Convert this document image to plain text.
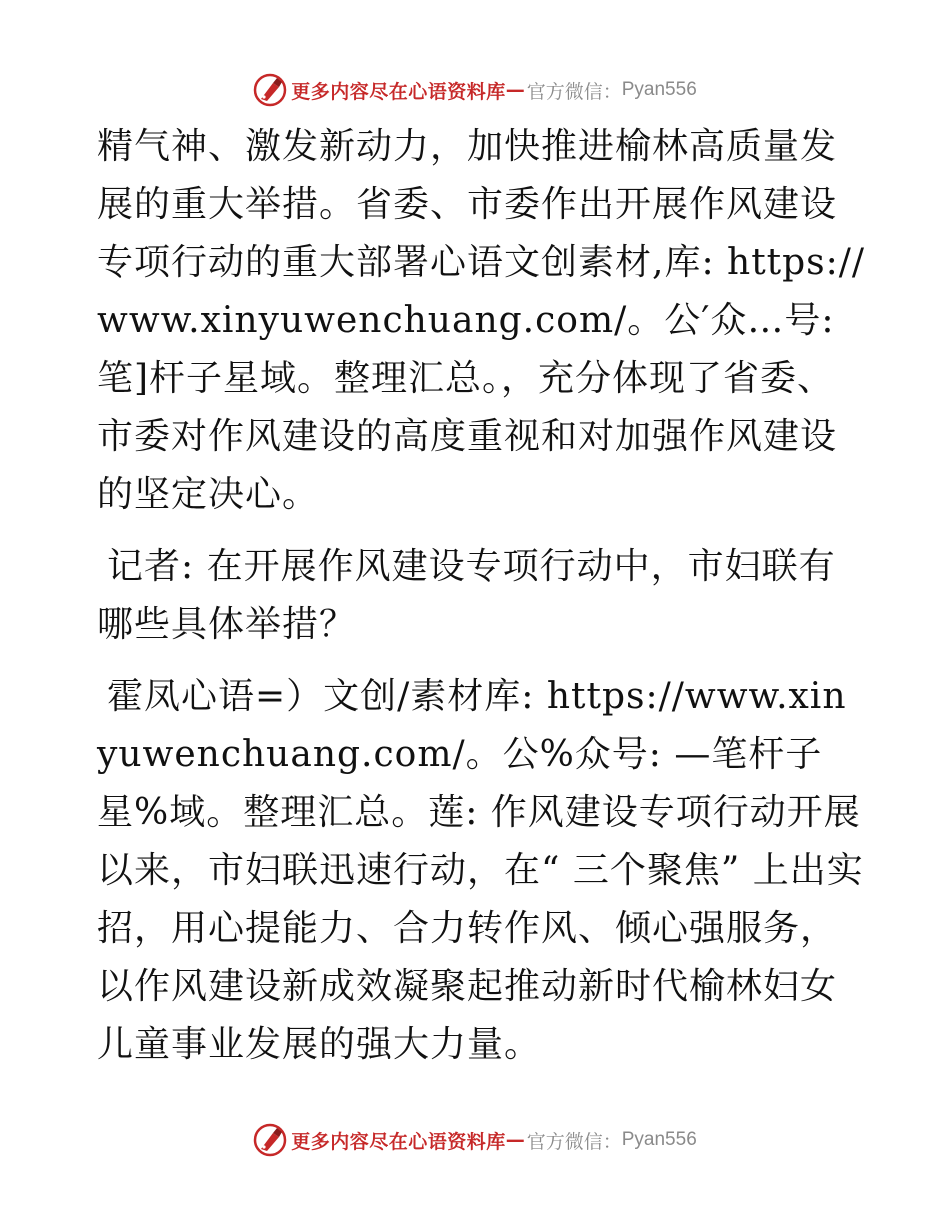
更多内容尽在心语资料库 — 官方微信： Pyan556

精气神、激发新动力，加快推进榆林高质量发展的重大举措。省委、市委作出开展作风建设专项行动的重大部署心语文创素材,库: https://www.xinyuwenchuang.com/。公′众…号: 笔]杆子星域。整理汇总。，充分体现了省委、市委对作风建设的高度重视和对加强作风建设的坚定决心。

记者: 在开展作风建设专项行动中，市妇联有哪些具体举措？

霍凤心语=）文创/素材库: https://www.xinyuwenchuang.com/。公%众号: —笔杆子星%域。整理汇总。莲: 作风建设专项行动开展以来，市妇联迅速行动，在“ 三个聚焦” 上出实招，用心提能力、合力转作风、倾心强服务，以作风建设新成效凝聚起推动新时代榆林妇女儿童事业发展的强大力量。

更多内容尽在心语资料库 — 官方微信： Pyan556
